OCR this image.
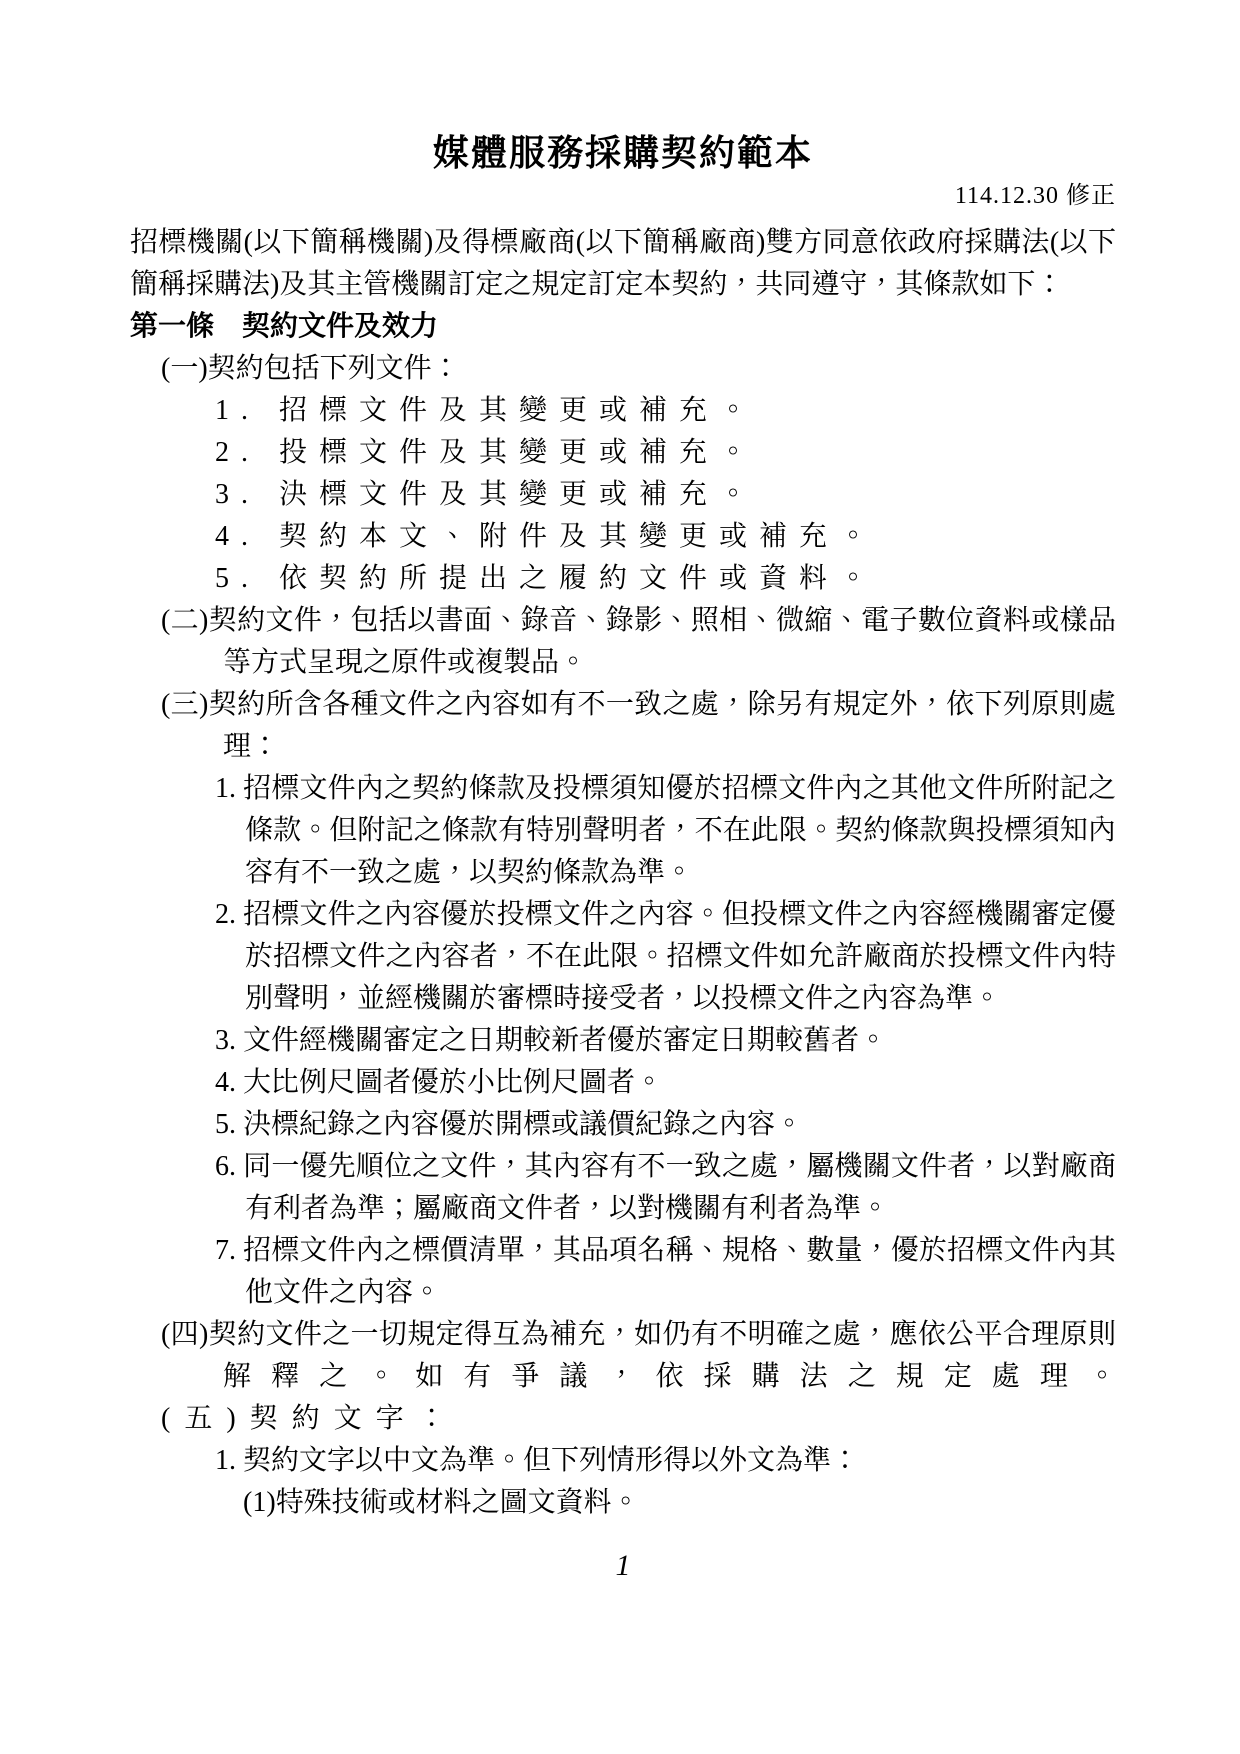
媒體服務採購契約範本
114.12.30 修正
招標機關(以下簡稱機關)及得標廠商(以下簡稱廠商)雙方同意依政府採購法(以下簡稱採購法)及其主管機關訂定之規定訂定本契約，共同遵守，其條款如下：
第一條　契約文件及效力
(一)契約包括下列文件：
1. 招標文件及其變更或補充。
2. 投標文件及其變更或補充。
3. 決標文件及其變更或補充。
4. 契約本文、附件及其變更或補充。
5. 依契約所提出之履約文件或資料。
(二)契約文件，包括以書面、錄音、錄影、照相、微縮、電子數位資料或樣品等方式呈現之原件或複製品。
(三)契約所含各種文件之內容如有不一致之處，除另有規定外，依下列原則處理：
1. 招標文件內之契約條款及投標須知優於招標文件內之其他文件所附記之條款。但附記之條款有特別聲明者，不在此限。契約條款與投標須知內容有不一致之處，以契約條款為準。
2. 招標文件之內容優於投標文件之內容。但投標文件之內容經機關審定優於招標文件之內容者，不在此限。招標文件如允許廠商於投標文件內特別聲明，並經機關於審標時接受者，以投標文件之內容為準。
3. 文件經機關審定之日期較新者優於審定日期較舊者。
4. 大比例尺圖者優於小比例尺圖者。
5. 決標紀錄之內容優於開標或議價紀錄之內容。
6. 同一優先順位之文件，其內容有不一致之處，屬機關文件者，以對廠商有利者為準；屬廠商文件者，以對機關有利者為準。
7. 招標文件內之標價清單，其品項名稱、規格、數量，優於招標文件內其他文件之內容。
(四)契約文件之一切規定得互為補充，如仍有不明確之處，應依公平合理原則解釋之。如有爭議，依採購法之規定處理。
(五)契約文字：
1. 契約文字以中文為準。但下列情形得以外文為準：
(1)特殊技術或材料之圖文資料。
1
